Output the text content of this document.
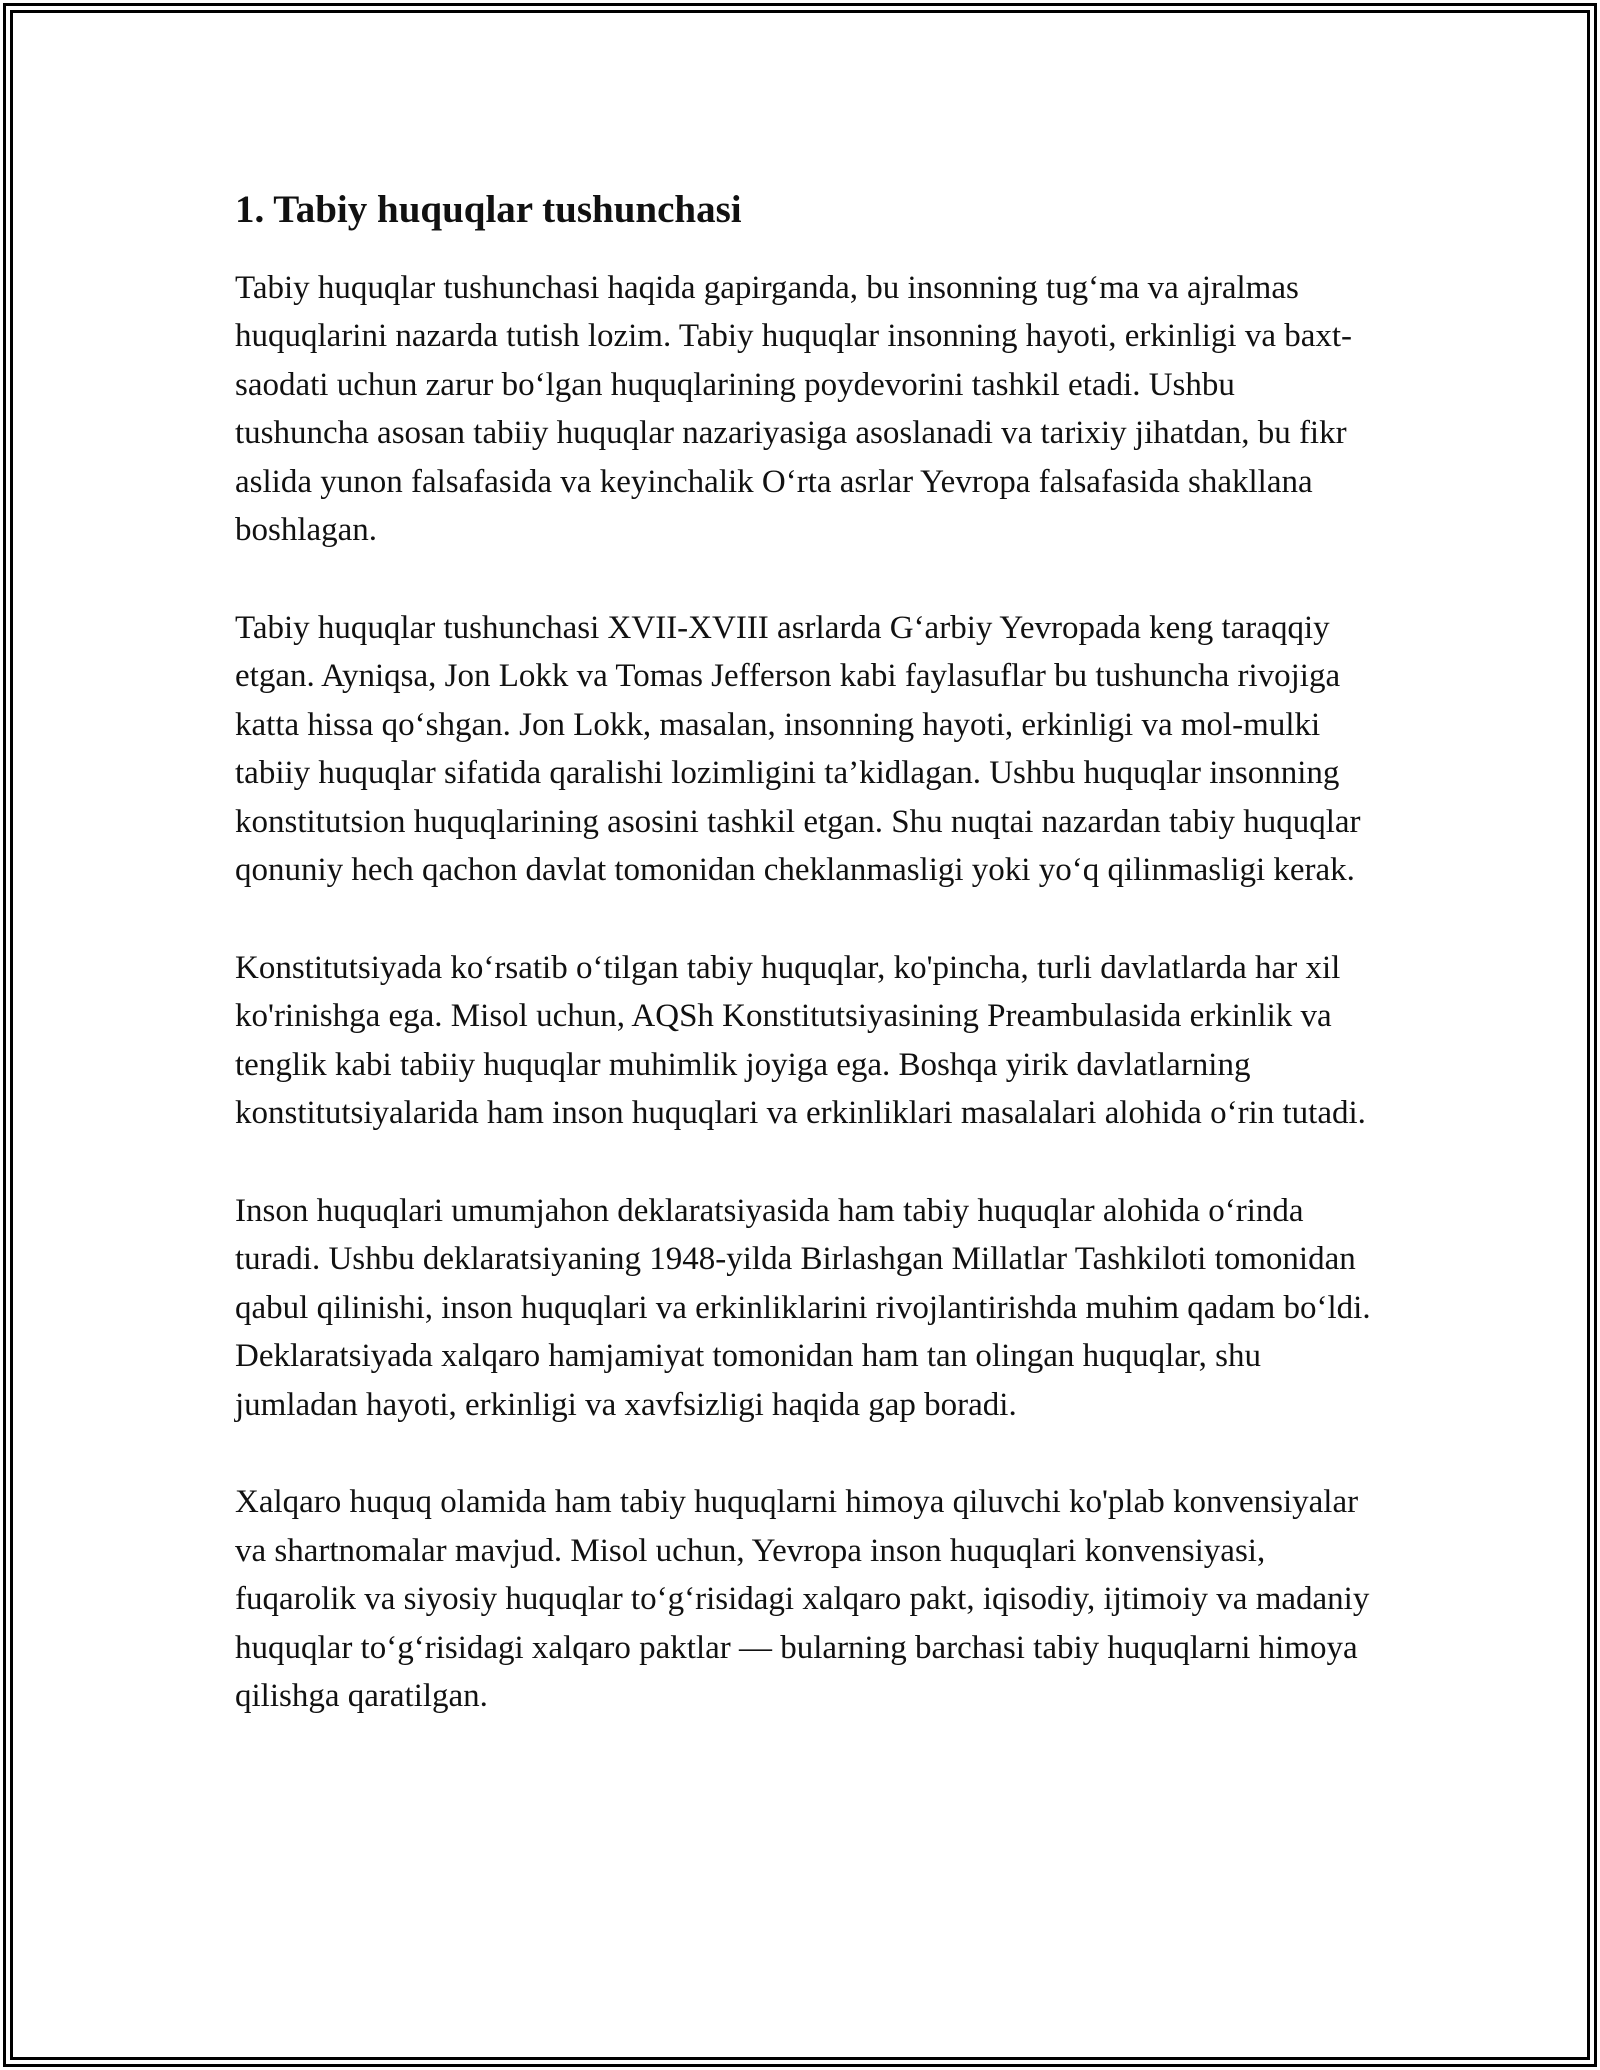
1. Tabiy huquqlar tushunchasi

Tabiy huquqlar tushunchasi haqida gapirganda, bu insonning tug‘ma va ajralmas huquqlarini nazarda tutish lozim. Tabiy huquqlar insonning hayoti, erkinligi va baxt-saodati uchun zarur bo‘lgan huquqlarining poydevorini tashkil etadi. Ushbu tushuncha asosan tabiiy huquqlar nazariyasiga asoslanadi va tarixiy jihatdan, bu fikr aslida yunon falsafasida va keyinchalik O‘rta asrlar Yevropa falsafasida shakllana boshlagan.

Tabiy huquqlar tushunchasi XVII-XVIII asrlarda G‘arbiy Yevropada keng taraqqiy etgan. Ayniqsa, Jon Lokk va Tomas Jefferson kabi faylasuflar bu tushuncha rivojiga katta hissa qo‘shgan. Jon Lokk, masalan, insonning hayoti, erkinligi va mol-mulki tabiiy huquqlar sifatida qaralishi lozimligini ta’kidlagan. Ushbu huquqlar insonning konstitutsion huquqlarining asosini tashkil etgan. Shu nuqtai nazardan tabiy huquqlar qonuniy hech qachon davlat tomonidan cheklanmasligi yoki yo‘q qilinmasligi kerak.

Konstitutsiyada ko‘rsatib o‘tilgan tabiy huquqlar, ko'pincha, turli davlatlarda har xil ko'rinishga ega. Misol uchun, AQSh Konstitutsiyasining Preambulasida erkinlik va tenglik kabi tabiiy huquqlar muhimlik joyiga ega. Boshqa yirik davlatlarning konstitutsiyalarida ham inson huquqlari va erkinliklari masalalari alohida o‘rin tutadi.

Inson huquqlari umumjahon deklaratsiyasida ham tabiy huquqlar alohida o‘rinda turadi. Ushbu deklaratsiyaning 1948-yilda Birlashgan Millatlar Tashkiloti tomonidan qabul qilinishi, inson huquqlari va erkinliklarini rivojlantirishda muhim qadam bo‘ldi. Deklaratsiyada xalqaro hamjamiyat tomonidan ham tan olingan huquqlar, shu jumladan hayoti, erkinligi va xavfsizligi haqida gap boradi.

Xalqaro huquq olamida ham tabiy huquqlarni himoya qiluvchi ko'plab konvensiyalar va shartnomalar mavjud. Misol uchun, Yevropa inson huquqlari konvensiyasi, fuqarolik va siyosiy huquqlar to‘g‘risidagi xalqaro pakt, iqisodiy, ijtimoiy va madaniy huquqlar to‘g‘risidagi xalqaro paktlar — bularning barchasi tabiy huquqlarni himoya qilishga qaratilgan.
